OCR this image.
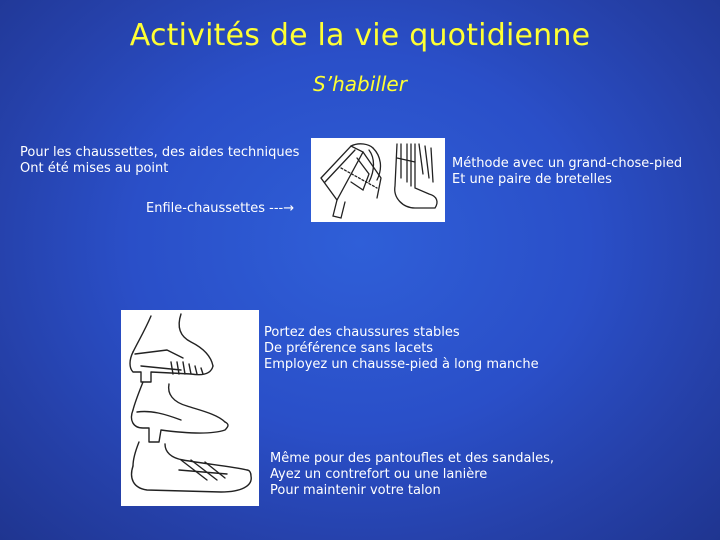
Activités de la vie quotidienne
S’habiller
Pour les chaussettes, des aides techniques
Ont été mises au point	Méthode avec un grand-chose-pied
Et une paire de bretelles
Enfile-chaussettes ---→
Portez des chaussures stables
De préférence sans lacets
Employez un chausse-pied à long manche
Même pour des pantoufles et des sandales,
Ayez un contrefort ou une lanière
Pour maintenir votre talon
